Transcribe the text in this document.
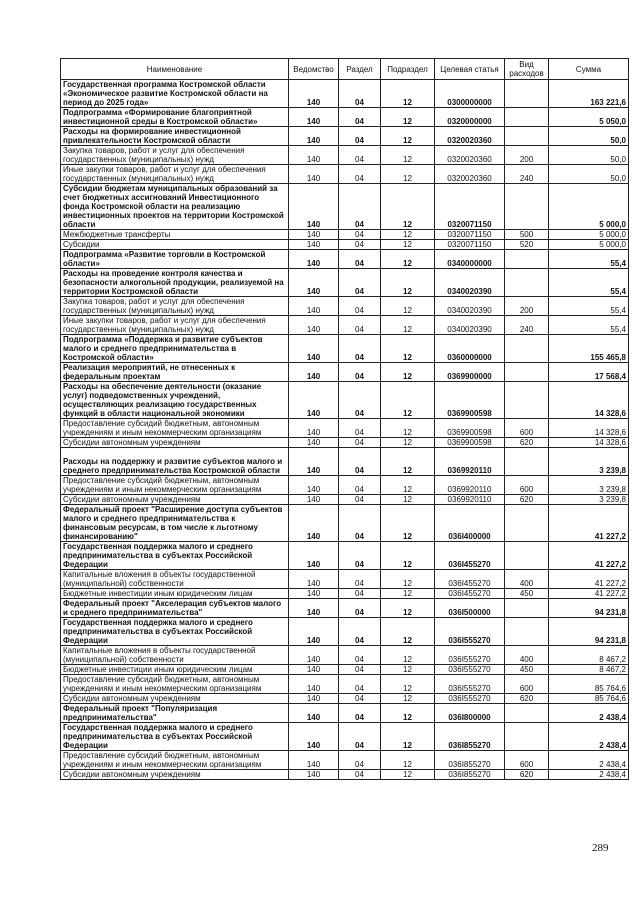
Наименование	Ведомство	Раздел	Подраздел	Целевая статья	Вид расходов	Сумма
Государственная программа Костромской области «Экономическое развитие Костромской области на период до 2025 года»	140	04	12	0300000000		163 221,6
Подпрограмма «Формирование благоприятной инвестиционной среды в Костромской области»	140	04	12	0320000000		5 050,0
Расходы на формирование инвестиционной привлекательности Костромской области	140	04	12	0320020360		50,0
Закупка товаров, работ и услуг для обеспечения государственных (муниципальных) нужд	140	04	12	0320020360	200	50,0
Иные закупки товаров, работ и услуг для обеспечения государственных (муниципальных) нужд	140	04	12	0320020360	240	50,0
Субсидии бюджетам муниципальных образований за счет бюджетных ассигнований Инвестиционного фонда Костромской области на реализацию инвестиционных проектов на территории Костромской области	140	04	12	0320071150		5 000,0
Межбюджетные трансферты	140	04	12	0320071150	500	5 000,0
Субсидии	140	04	12	0320071150	520	5 000,0
Подпрограмма «Развитие торговли в Костромской области»	140	04	12	0340000000		55,4
Расходы на проведение контроля качества и безопасности алкогольной продукции, реализуемой на территории Костромской области	140	04	12	0340020390		55,4
Закупка товаров, работ и услуг для обеспечения государственных (муниципальных) нужд	140	04	12	0340020390	200	55,4
Иные закупки товаров, работ и услуг для обеспечения государственных (муниципальных) нужд	140	04	12	0340020390	240	55,4
Подпрограмма «Поддержка и развитие субъектов малого и среднего предпринимательства в Костромской области»	140	04	12	0360000000		155 465,8
Реализация мероприятий, не отнесенных к федеральным проектам	140	04	12	0369900000		17 568,4
Расходы на обеспечение деятельности (оказание услуг) подведомственных учреждений, осуществляющих реализацию государственных функций в области национальной экономики	140	04	12	0369900598		14 328,6
Предоставление субсидий бюджетным, автономным учреждениям и иным некоммерческим организациям	140	04	12	0369900598	600	14 328,6
Субсидии автономным учреждениям	140	04	12	0369900598	620	14 328,6
Расходы на поддержку и развитие субъектов малого и среднего предпринимательства Костромской области	140	04	12	0369920110		3 239,8
Предоставление субсидий бюджетным, автономным учреждениям и иным некоммерческим организациям	140	04	12	0369920110	600	3 239,8
Субсидии автономным учреждениям	140	04	12	0369920110	620	3 239,8
Федеральный проект "Расширение доступа субъектов малого и среднего предпринимательства к финансовым ресурсам, в том числе к льготному финансированию"	140	04	12	036I400000		41 227,2
Государственная поддержка малого и среднего предпринимательства в субъектах Российской Федерации	140	04	12	036I455270		41 227,2
Капитальные вложения в объекты государственной (муниципальной) собственности	140	04	12	036I455270	400	41 227,2
Бюджетные инвестиции иным юридическим лицам	140	04	12	036I455270	450	41 227,2
Федеральный проект "Акселерация субъектов малого и среднего предпринимательства"	140	04	12	036I500000		94 231,8
Государственная поддержка малого и среднего предпринимательства в субъектах Российской Федерации	140	04	12	036I555270		94 231,8
Капитальные вложения в объекты государственной (муниципальной) собственности	140	04	12	036I555270	400	8 467,2
Бюджетные инвестиции иным юридическим лицам	140	04	12	036I555270	450	8 467,2
Предоставление субсидий бюджетным, автономным учреждениям и иным некоммерческим организациям	140	04	12	036I555270	600	85 764,6
Субсидии автономным учреждениям	140	04	12	036I555270	620	85 764,6
Федеральный проект "Популяризация предпринимательства"	140	04	12	036I800000		2 438,4
Государственная поддержка малого и среднего предпринимательства в субъектах Российской Федерации	140	04	12	036I855270		2 438,4
Предоставление субсидий бюджетным, автономным учреждениям и иным некоммерческим организациям	140	04	12	036I855270	600	2 438,4
Субсидии автономным учреждениям	140	04	12	036I855270	620	2 438,4
289
